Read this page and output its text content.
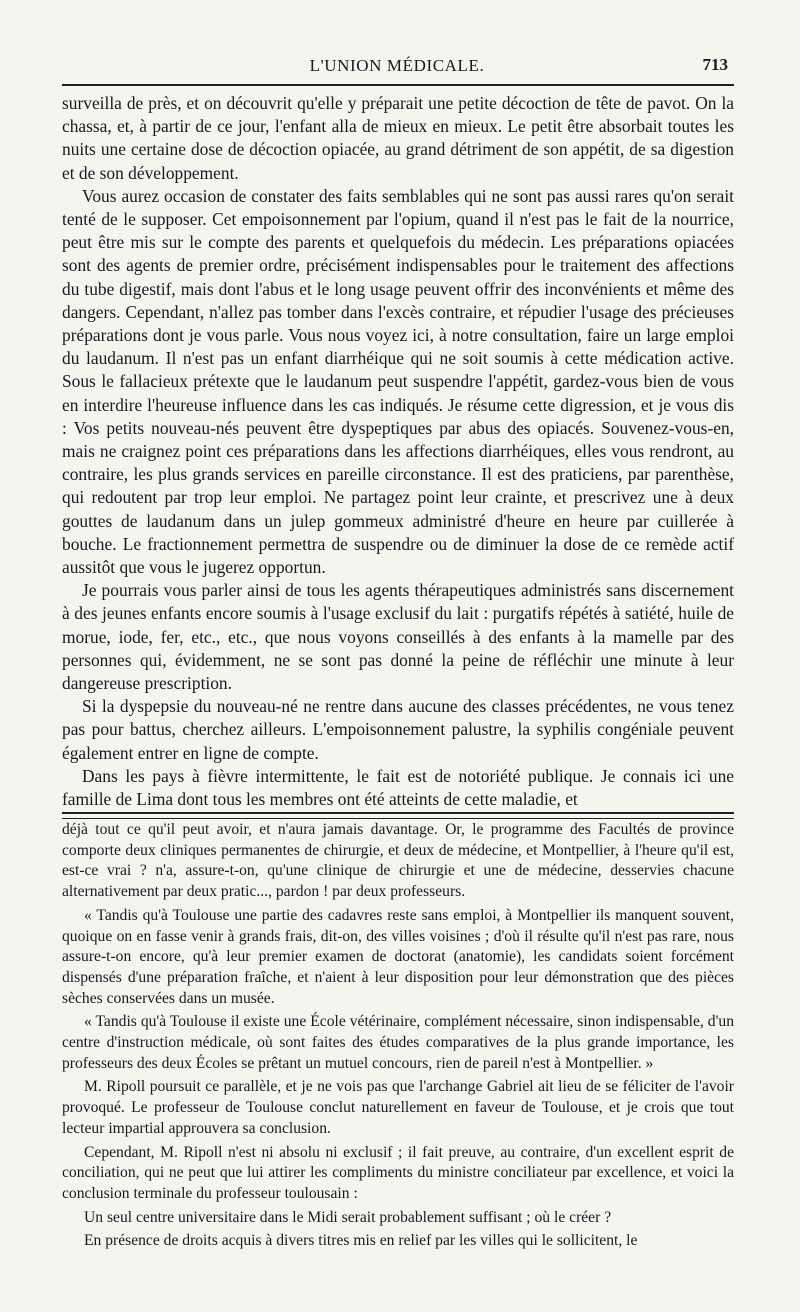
L'UNION MÉDICALE.	713

surveilla de près, et on découvrit qu'elle y préparait une petite décoction de tête de pavot. On la chassa, et, à partir de ce jour, l'enfant alla de mieux en mieux. Le petit être absorbait toutes les nuits une certaine dose de décoction opiacée, au grand détriment de son appétit, de sa digestion et de son développement.

Vous aurez occasion de constater des faits semblables qui ne sont pas aussi rares qu'on serait tenté de le supposer. Cet empoisonnement par l'opium, quand il n'est pas le fait de la nourrice, peut être mis sur le compte des parents et quelquefois du médecin. Les préparations opiacées sont des agents de premier ordre, précisément indispensables pour le traitement des affections du tube digestif, mais dont l'abus et le long usage peuvent offrir des inconvénients et même des dangers. Cependant, n'allez pas tomber dans l'excès contraire, et répudier l'usage des précieuses préparations dont je vous parle. Vous nous voyez ici, à notre consultation, faire un large emploi du laudanum. Il n'est pas un enfant diarrhéique qui ne soit soumis à cette médication active. Sous le fallacieux prétexte que le laudanum peut suspendre l'appétit, gardez-vous bien de vous en interdire l'heureuse influence dans les cas indiqués. Je résume cette digression, et je vous dis : Vos petits nouveau-nés peuvent être dyspeptiques par abus des opiacés. Souvenez-vous-en, mais ne craignez point ces préparations dans les affections diarrhéiques, elles vous rendront, au contraire, les plus grands services en pareille circonstance. Il est des praticiens, par parenthèse, qui redoutent par trop leur emploi. Ne partagez point leur crainte, et prescrivez une à deux gouttes de laudanum dans un julep gommeux administré d'heure en heure par cuillerée à bouche. Le fractionnement permettra de suspendre ou de diminuer la dose de ce remède actif aussitôt que vous le jugerez opportun.

Je pourrais vous parler ainsi de tous les agents thérapeutiques administrés sans discernement à des jeunes enfants encore soumis à l'usage exclusif du lait : purgatifs répétés à satiété, huile de morue, iode, fer, etc., etc., que nous voyons conseillés à des enfants à la mamelle par des personnes qui, évidemment, ne se sont pas donné la peine de réfléchir une minute à leur dangereuse prescription.

Si la dyspepsie du nouveau-né ne rentre dans aucune des classes précédentes, ne vous tenez pas pour battus, cherchez ailleurs. L'empoisonnement palustre, la syphilis congéniale peuvent également entrer en ligne de compte.

Dans les pays à fièvre intermittente, le fait est de notoriété publique. Je connais ici une famille de Lima dont tous les membres ont été atteints de cette maladie, et

déjà tout ce qu'il peut avoir, et n'aura jamais davantage. Or, le programme des Facultés de province comporte deux cliniques permanentes de chirurgie, et deux de médecine, et Montpellier, à l'heure qu'il est, est-ce vrai ? n'a, assure-t-on, qu'une clinique de chirurgie et une de médecine, desservies chacune alternativement par deux pratic..., pardon ! par deux professeurs.

« Tandis qu'à Toulouse une partie des cadavres reste sans emploi, à Montpellier ils manquent souvent, quoique on en fasse venir à grands frais, dit-on, des villes voisines ; d'où il résulte qu'il n'est pas rare, nous assure-t-on encore, qu'à leur premier examen de doctorat (anatomie), les candidats soient forcément dispensés d'une préparation fraîche, et n'aient à leur disposition pour leur démonstration que des pièces sèches conservées dans un musée.

« Tandis qu'à Toulouse il existe une École vétérinaire, complément nécessaire, sinon indispensable, d'un centre d'instruction médicale, où sont faites des études comparatives de la plus grande importance, les professeurs des deux Écoles se prêtant un mutuel concours, rien de pareil n'est à Montpellier. »

M. Ripoll poursuit ce parallèle, et je ne vois pas que l'archange Gabriel ait lieu de se féliciter de l'avoir provoqué. Le professeur de Toulouse conclut naturellement en faveur de Toulouse, et je crois que tout lecteur impartial approuvera sa conclusion.

Cependant, M. Ripoll n'est ni absolu ni exclusif ; il fait preuve, au contraire, d'un excellent esprit de conciliation, qui ne peut que lui attirer les compliments du ministre conciliateur par excellence, et voici la conclusion terminale du professeur toulousain :

Un seul centre universitaire dans le Midi serait probablement suffisant ; où le créer ?

En présence de droits acquis à divers titres mis en relief par les villes qui le sollicitent, le
